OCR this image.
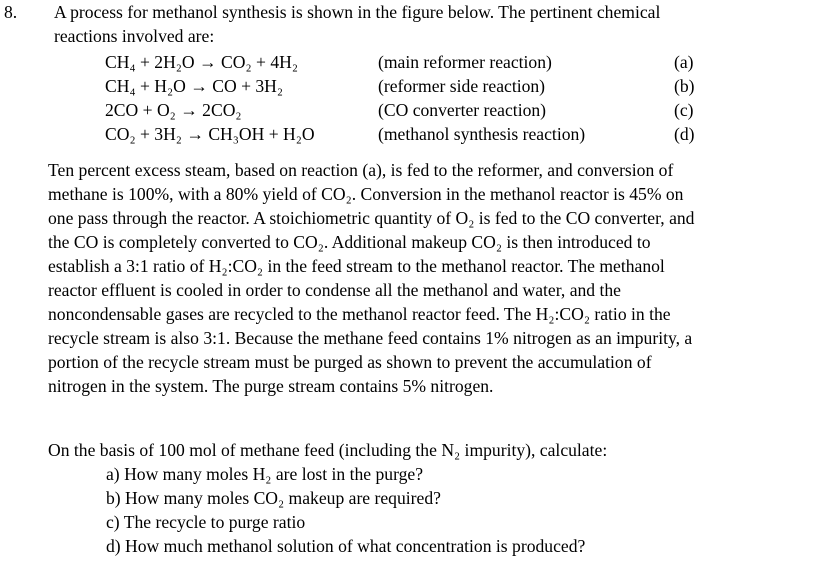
8. A process for methanol synthesis is shown in the figure below. The pertinent chemical
reactions involved are:
CH₄ + 2H₂O → CO₂ + 4H₂	(main reformer reaction)	(a)
CH₄ + H₂O → CO + 3H₂	(reformer side reaction)	(b)
2CO + O₂ → 2CO₂	(CO converter reaction)	(c)
CO₂ + 3H₂ → CH₃OH + H₂O	(methanol synthesis reaction)	(d)
Ten percent excess steam, based on reaction (a), is fed to the reformer, and conversion of
methane is 100%, with a 80% yield of CO₂. Conversion in the methanol reactor is 45% on
one pass through the reactor. A stoichiometric quantity of O₂ is fed to the CO converter, and
the CO is completely converted to CO₂. Additional makeup CO₂ is then introduced to
establish a 3:1 ratio of H₂:CO₂ in the feed stream to the methanol reactor. The methanol
reactor effluent is cooled in order to condense all the methanol and water, and the
noncondensable gases are recycled to the methanol reactor feed. The H₂:CO₂ ratio in the
recycle stream is also 3:1. Because the methane feed contains 1% nitrogen as an impurity, a
portion of the recycle stream must be purged as shown to prevent the accumulation of
nitrogen in the system. The purge stream contains 5% nitrogen.
On the basis of 100 mol of methane feed (including the N₂ impurity), calculate:
a) How many moles H₂ are lost in the purge?
b) How many moles CO₂ makeup are required?
c) The recycle to purge ratio
d) How much methanol solution of what concentration is produced?
